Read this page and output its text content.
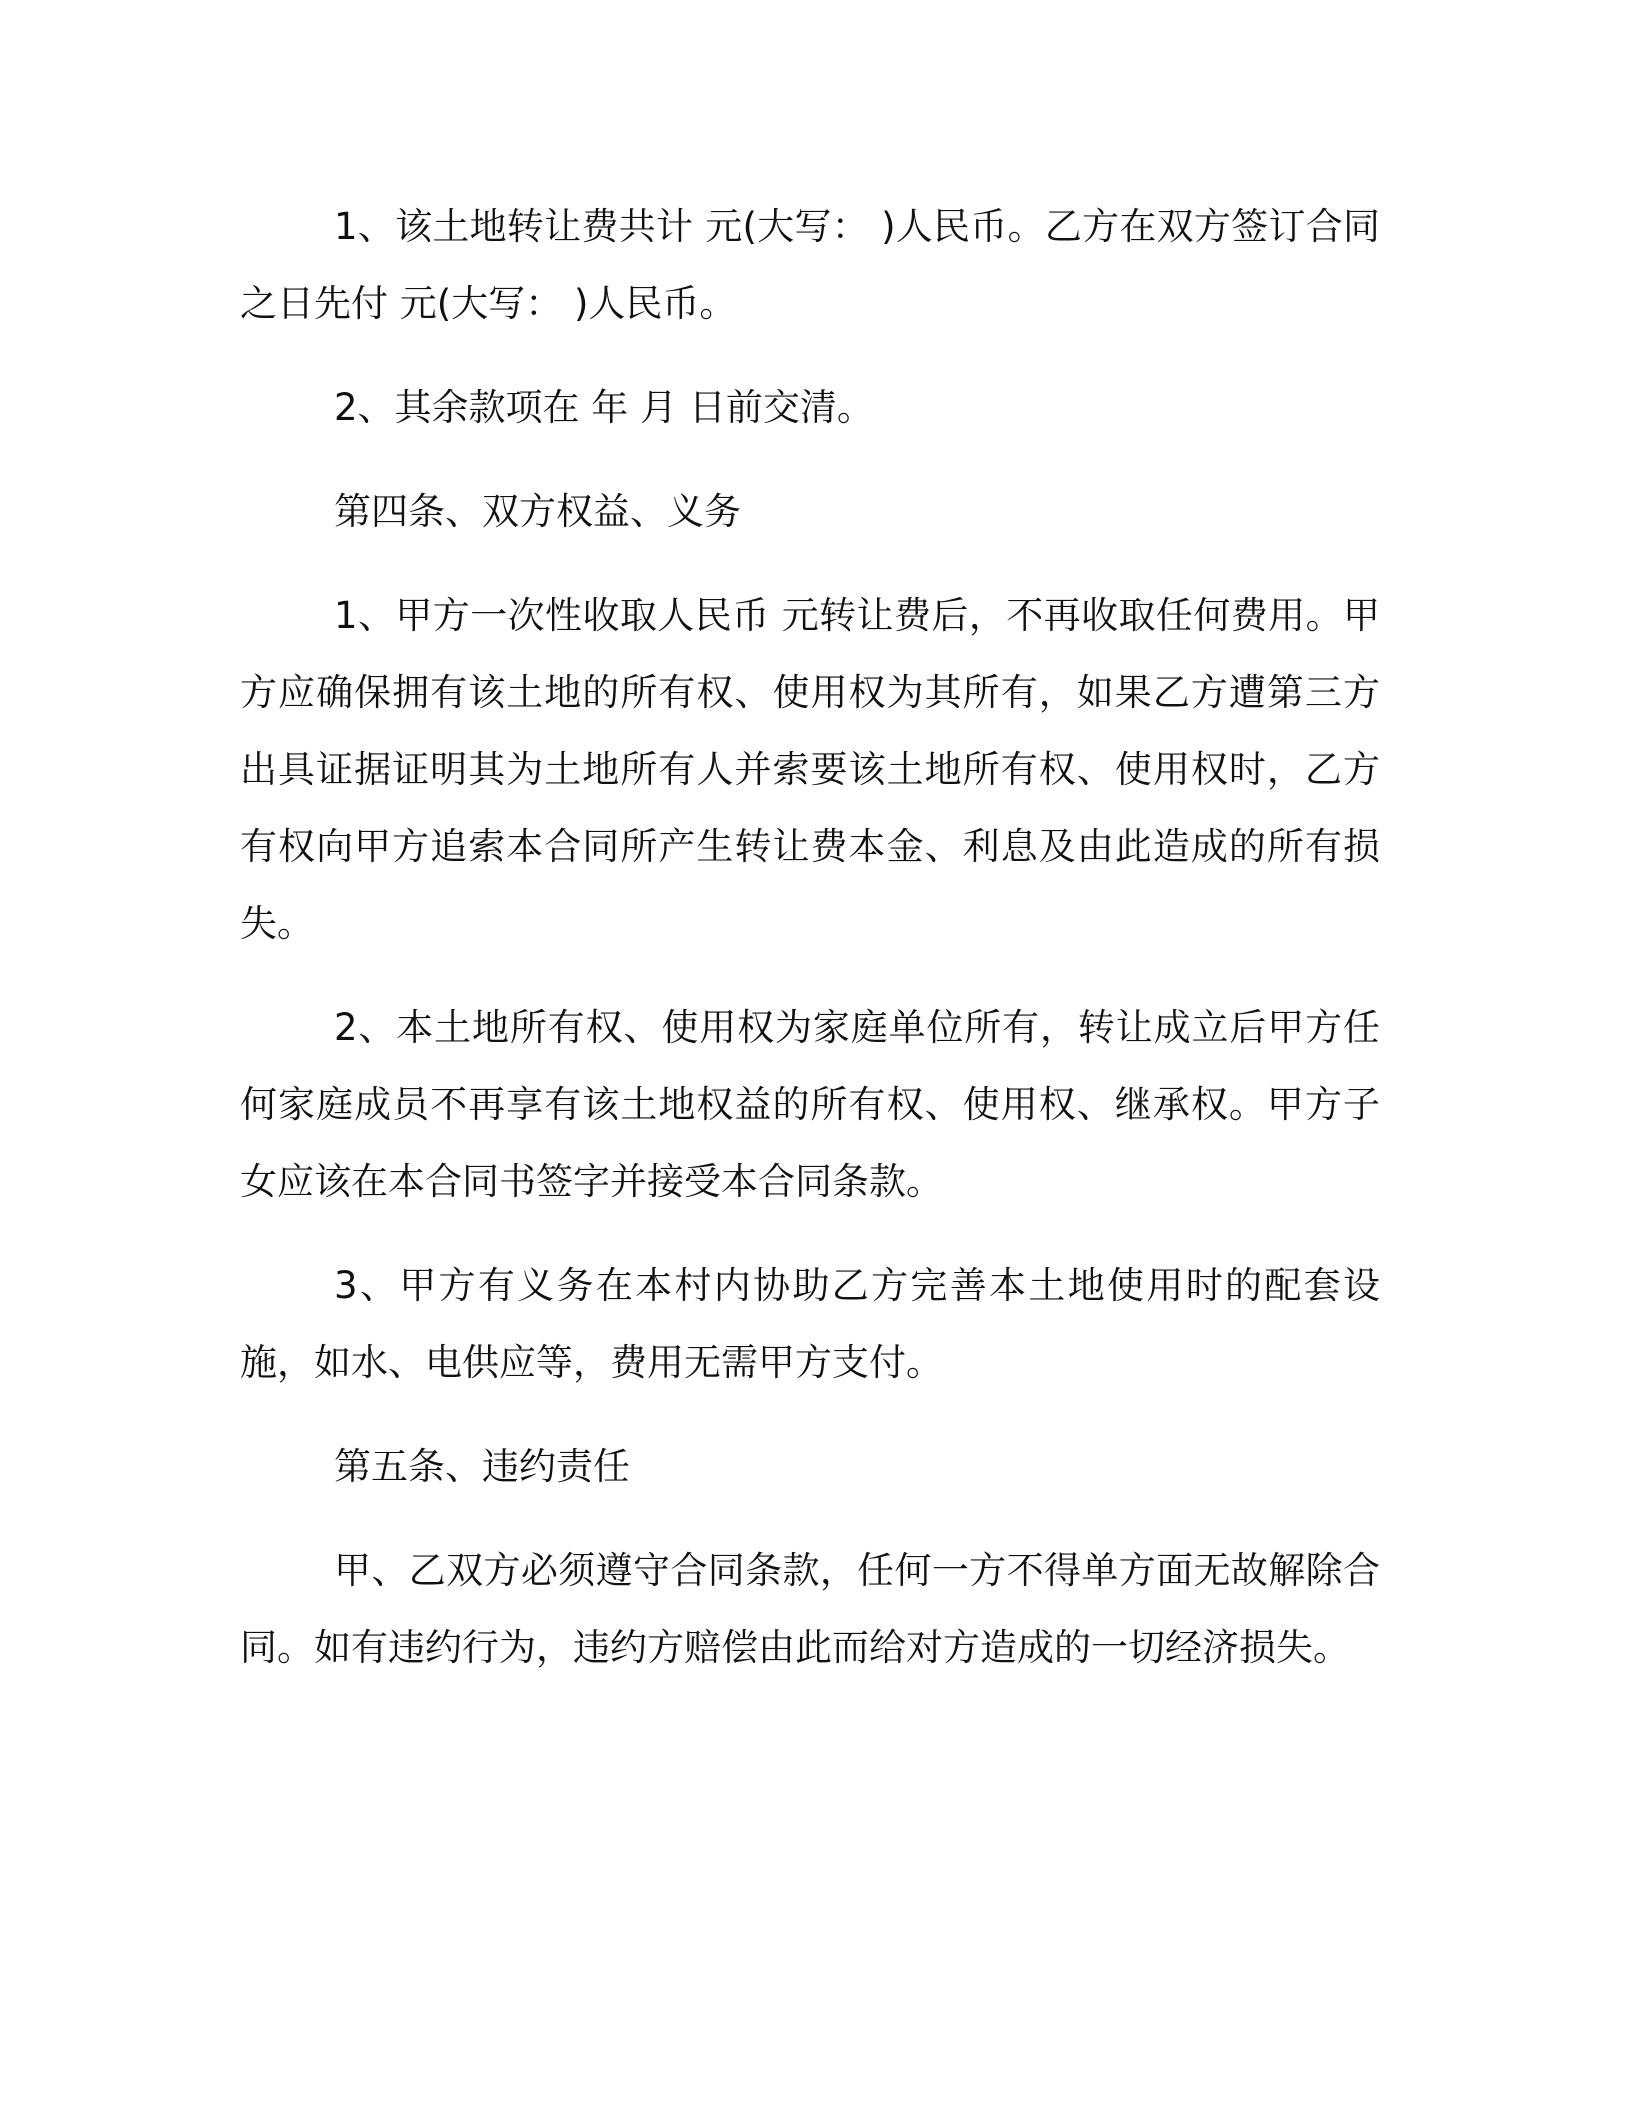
1、该土地转让费共计 元(大写： )人民币。乙方在双方签订合同之日先付 元(大写： )人民币。

2、其余款项在 年 月 日前交清。

第四条、双方权益、义务

1、甲方一次性收取人民币 元转让费后，不再收取任何费用。甲方应确保拥有该土地的所有权、使用权为其所有，如果乙方遭第三方出具证据证明其为土地所有人并索要该土地所有权、使用权时，乙方有权向甲方追索本合同所产生转让费本金、利息及由此造成的所有损失。

2、本土地所有权、使用权为家庭单位所有，转让成立后甲方任何家庭成员不再享有该土地权益的所有权、使用权、继承权。甲方子女应该在本合同书签字并接受本合同条款。

3、甲方有义务在本村内协助乙方完善本土地使用时的配套设施，如水、电供应等，费用无需甲方支付。

第五条、违约责任

甲、乙双方必须遵守合同条款，任何一方不得单方面无故解除合同。如有违约行为，违约方赔偿由此而给对方造成的一切经济损失。
